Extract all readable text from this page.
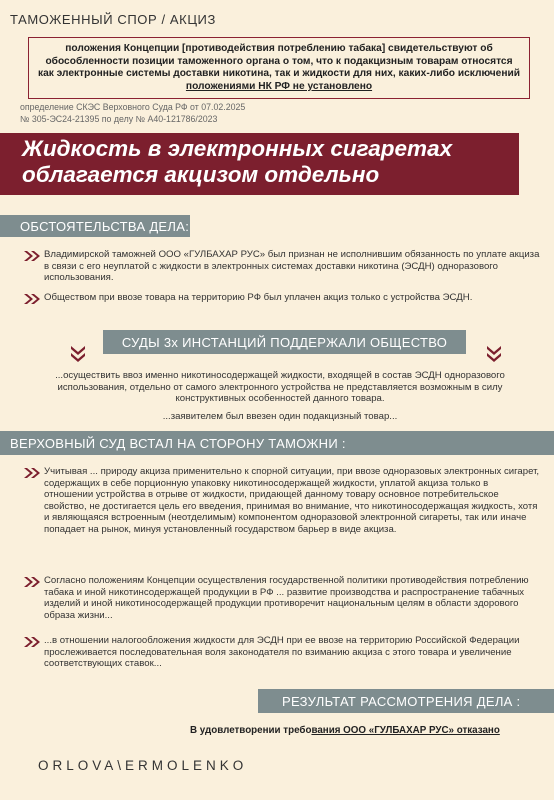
ТАМОЖЕННЫЙ СПОР / АКЦИЗ
положения Концепции [противодействия потреблению табака] свидетельствуют об обособленности позиции таможенного органа о том, что к подакцизным товарам относятся как электронные системы доставки никотина, так и жидкости для них, каких-либо исключений положениями НК РФ не установлено
определение СКЭС Верховного Суда РФ от 07.02.2025
№ 305-ЭС24-21395 по делу № А40-121786/2023
Жидкость в электронных сигаретах
облагается акцизом отдельно
ОБСТОЯТЕЛЬСТВА ДЕЛА:
Владимирской таможней ООО «ГУЛБАХАР РУС» был признан не исполнившим обязанность по уплате акциза в связи с его неуплатой с жидкости в электронных системах доставки никотина (ЭСДН) одноразового использования.
Обществом при ввозе товара на территорию РФ был уплачен акциз только с устройства ЭСДН.
СУДЫ 3х ИНСТАНЦИЙ ПОДДЕРЖАЛИ ОБЩЕСТВО
...осуществить ввоз именно никотиносодержащей жидкости, входящей в состав ЭСДН одноразового использования, отдельно от самого электронного устройства не представляется возможным в силу конструктивных особенностей данного товара.
...заявителем был ввезен один подакцизный товар...
ВЕРХОВНЫЙ СУД ВСТАЛ НА СТОРОНУ ТАМОЖНИ :
Учитывая ... природу акциза применительно к спорной ситуации, при ввозе одноразовых электронных сигарет, содержащих в себе порционную упаковку никотиносодержащей жидкости, уплатой акциза только в отношении устройства в отрыве от жидкости, придающей данному товару основное потребительское свойство, не достигается цель его введения, принимая во внимание, что никотиносодержащая жидкость, хотя и являющаяся встроенным (неотделимым) компонентом одноразовой электронной сигареты, так или иначе попадает на рынок, минуя установленный государством барьер в виде акциза.
Согласно положениям Концепции осуществления государственной политики противодействия потреблению табака и иной никотинсодержащей продукции в РФ ... развитие производства и распространение табачных изделий и иной никотиносодержащей продукции противоречит национальным целям в области здорового образа жизни...
...в отношении налогообложения жидкости для ЭСДН при ее ввозе на территорию Российской Федерации прослеживается последовательная воля законодателя по взиманию акциза с этого товара и увеличение соответствующих ставок...
РЕЗУЛЬТАТ РАССМОТРЕНИЯ ДЕЛА :
В удовлетворении требования ООО «ГУЛБАХАР РУС» отказано
ORLOVA\ERMOLENKO
